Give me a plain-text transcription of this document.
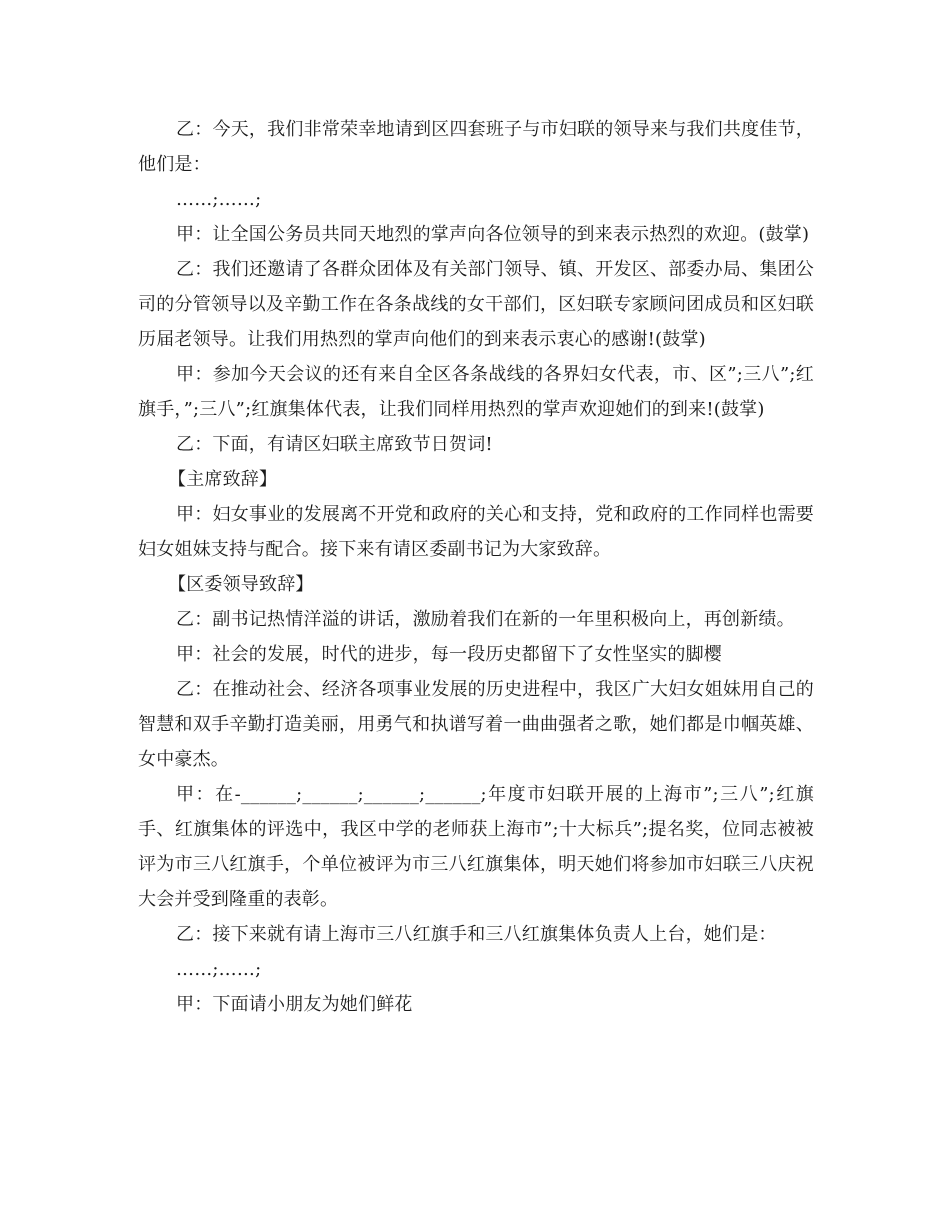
乙：今天，我们非常荣幸地请到区四套班子与市妇联的领导来与我们共度佳节，他们是：

……;……;

甲：让全国公务员共同天地烈的掌声向各位领导的到来表示热烈的欢迎。(鼓掌)

乙：我们还邀请了各群众团体及有关部门领导、镇、开发区、部委办局、集团公司的分管领导以及辛勤工作在各条战线的女干部们，区妇联专家顾问团成员和区妇联历届老领导。让我们用热烈的掌声向他们的到来表示衷心的感谢!(鼓掌)

甲：参加今天会议的还有来自全区各条战线的各界妇女代表，市、区”;三八”;红旗手，”;三八”;红旗集体代表，让我们同样用热烈的掌声欢迎她们的到来!(鼓掌)

乙：下面，有请区妇联主席致节日贺词!

【主席致辞】

甲：妇女事业的发展离不开党和政府的关心和支持，党和政府的工作同样也需要妇女姐妹支持与配合。接下来有请区委副书记为大家致辞。

【区委领导致辞】

乙：副书记热情洋溢的讲话，激励着我们在新的一年里积极向上，再创新绩。

甲：社会的发展，时代的进步，每一段历史都留下了女性坚实的脚樱

乙：在推动社会、经济各项事业发展的历史进程中，我区广大妇女姐妹用自己的智慧和双手辛勤打造美丽，用勇气和执谱写着一曲曲强者之歌，她们都是巾帼英雄、女中豪杰。

甲：在-______;______;______;______;年度市妇联开展的上海市”;三八”;红旗手、红旗集体的评选中，我区中学的老师获上海市”;十大标兵”;提名奖，位同志被被评为市三八红旗手，个单位被评为市三八红旗集体，明天她们将参加市妇联三八庆祝大会并受到隆重的表彰。

乙：接下来就有请上海市三八红旗手和三八红旗集体负责人上台，她们是：

……;……;

甲：下面请小朋友为她们鲜花
